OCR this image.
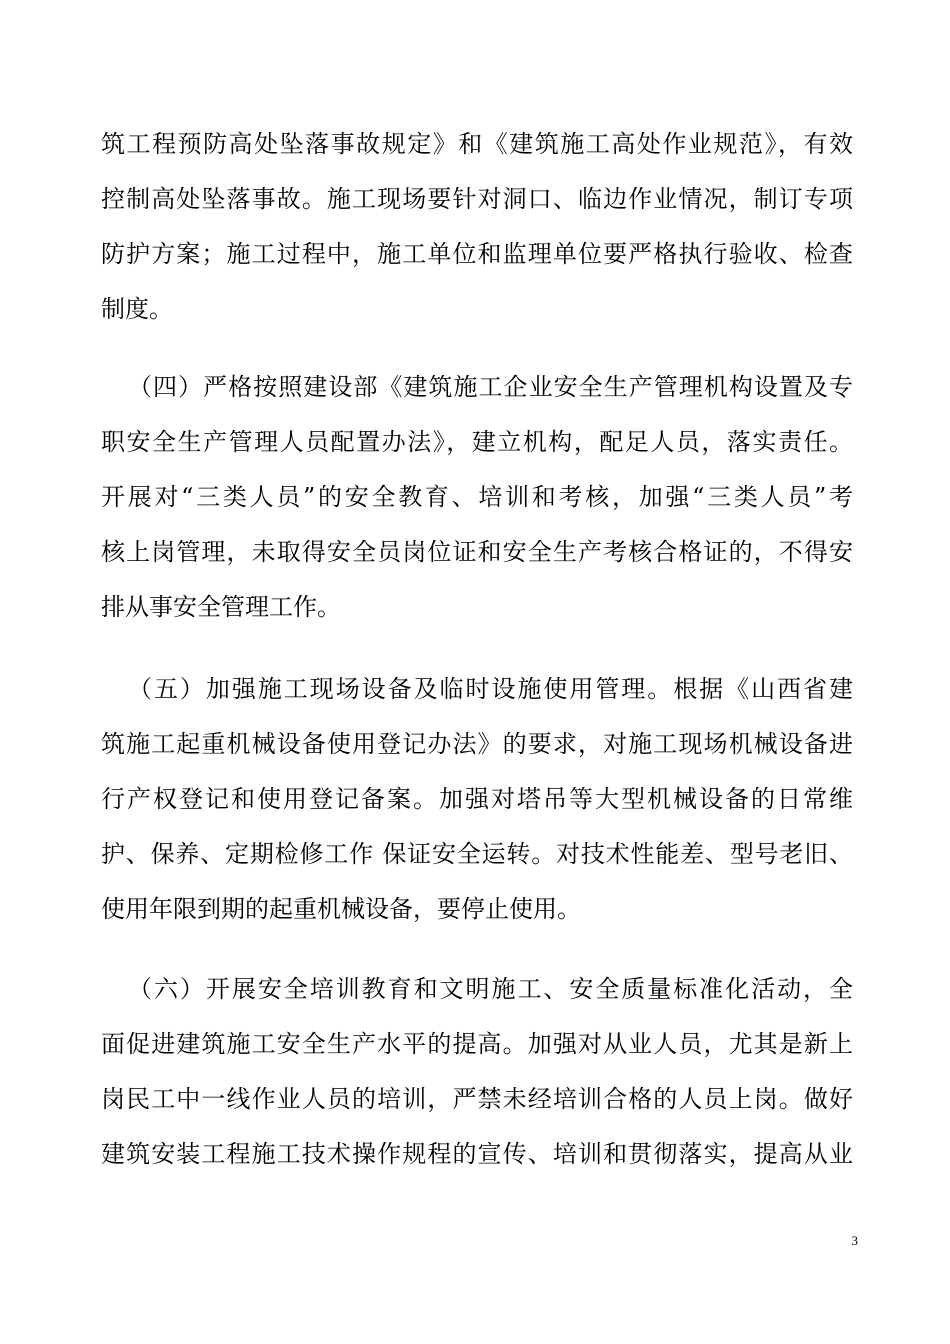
筑工程预防高处坠落事故规定》和《建筑施工高处作业规范》，有效
控制高处坠落事故。施工现场要针对洞口、临边作业情况，制订专项
防护方案；施工过程中，施工单位和监理单位要严格执行验收、检查
制度。
（四）严格按照建设部《建筑施工企业安全生产管理机构设置及专
职安全生产管理人员配置办法》，建立机构，配足人员，落实责任。
开展对“三类人员”的安全教育、培训和考核，加强“三类人员”考
核上岗管理，未取得安全员岗位证和安全生产考核合格证的，不得安
排从事安全管理工作。
（五）加强施工现场设备及临时设施使用管理。根据《山西省建
筑施工起重机械设备使用登记办法》的要求，对施工现场机械设备进
行产权登记和使用登记备案。加强对塔吊等大型机械设备的日常维
护、保养、定期检修工作 保证安全运转。对技术性能差、型号老旧、
使用年限到期的起重机械设备，要停止使用。
（六）开展安全培训教育和文明施工、安全质量标准化活动，全
面促进建筑施工安全生产水平的提高。加强对从业人员，尤其是新上
岗民工中一线作业人员的培训，严禁未经培训合格的人员上岗。做好
建筑安装工程施工技术操作规程的宣传、培训和贯彻落实，提高从业
3
